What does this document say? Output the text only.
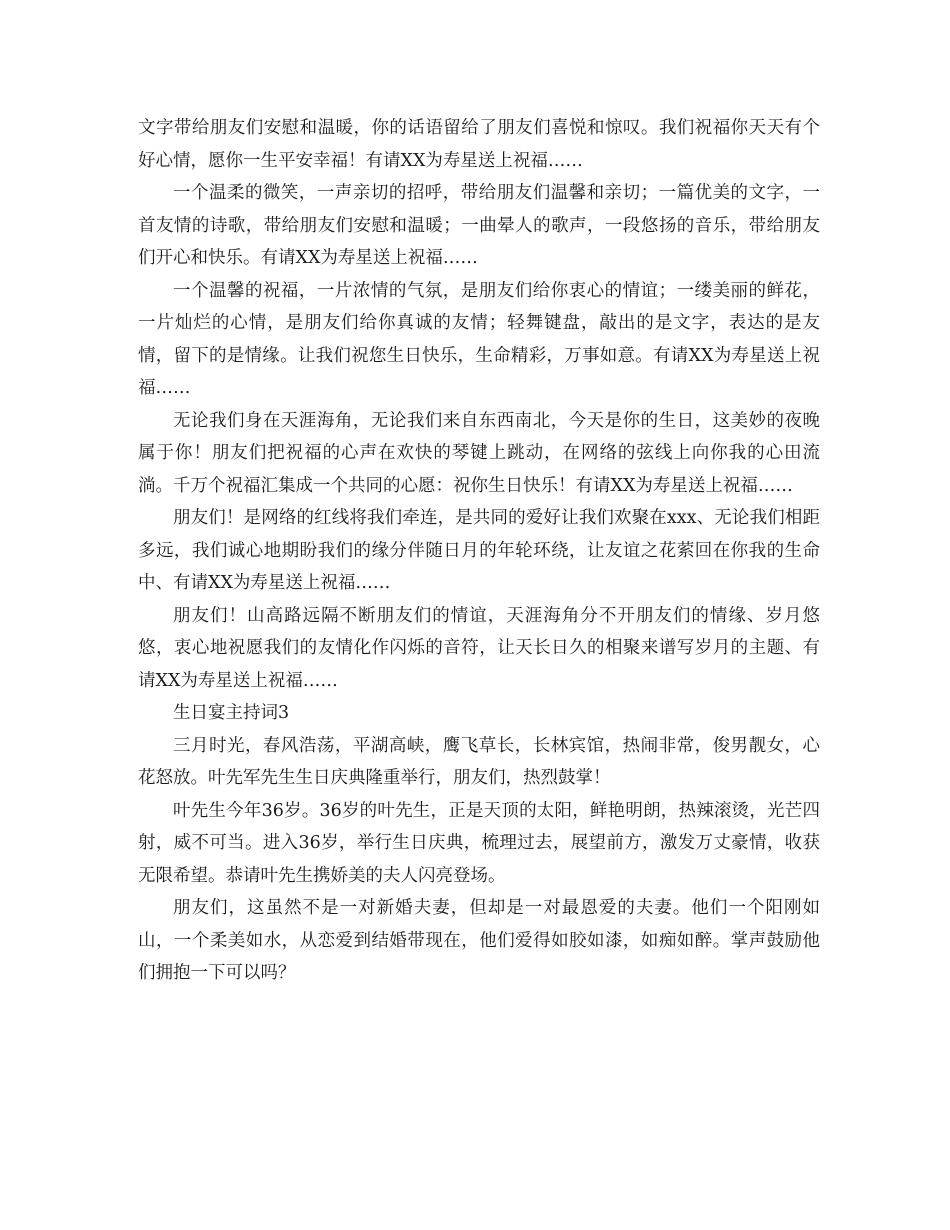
文字带给朋友们安慰和温暖，你的话语留给了朋友们喜悦和惊叹。我们祝福你天天有个好心情，愿你一生平安幸福！有请XX为寿星送上祝福……

一个温柔的微笑，一声亲切的招呼，带给朋友们温馨和亲切；一篇优美的文字，一首友情的诗歌，带给朋友们安慰和温暖；一曲晕人的歌声，一段悠扬的音乐，带给朋友们开心和快乐。有请XX为寿星送上祝福……

一个温馨的祝福，一片浓情的气氛，是朋友们给你衷心的情谊；一缕美丽的鲜花，一片灿烂的心情，是朋友们给你真诚的友情；轻舞键盘，敲出的是文字，表达的是友情，留下的是情缘。让我们祝您生日快乐，生命精彩，万事如意。有请XX为寿星送上祝福……

无论我们身在天涯海角，无论我们来自东西南北，今天是你的生日，这美妙的夜晚属于你！朋友们把祝福的心声在欢快的琴键上跳动，在网络的弦线上向你我的心田流淌。千万个祝福汇集成一个共同的心愿：祝你生日快乐！有请XX为寿星送上祝福……

朋友们！是网络的红线将我们牵连，是共同的爱好让我们欢聚在xxx、无论我们相距多远，我们诚心地期盼我们的缘分伴随日月的年轮环绕，让友谊之花萦回在你我的生命中、有请XX为寿星送上祝福……

朋友们！山高路远隔不断朋友们的情谊，天涯海角分不开朋友们的情缘、岁月悠悠，衷心地祝愿我们的友情化作闪烁的音符，让天长日久的相聚来谱写岁月的主题、有请XX为寿星送上祝福……

生日宴主持词3

三月时光，春风浩荡，平湖高峡，鹰飞草长，长林宾馆，热闹非常，俊男靓女，心花怒放。叶先军先生生日庆典隆重举行，朋友们，热烈鼓掌！

叶先生今年36岁。36岁的叶先生，正是天顶的太阳，鲜艳明朗，热辣滚烫，光芒四射，威不可当。进入36岁，举行生日庆典，梳理过去，展望前方，激发万丈豪情，收获无限希望。恭请叶先生携娇美的夫人闪亮登场。

朋友们，这虽然不是一对新婚夫妻，但却是一对最恩爱的夫妻。他们一个阳刚如山，一个柔美如水，从恋爱到结婚带现在，他们爱得如胶如漆，如痴如醉。掌声鼓励他们拥抱一下可以吗？
